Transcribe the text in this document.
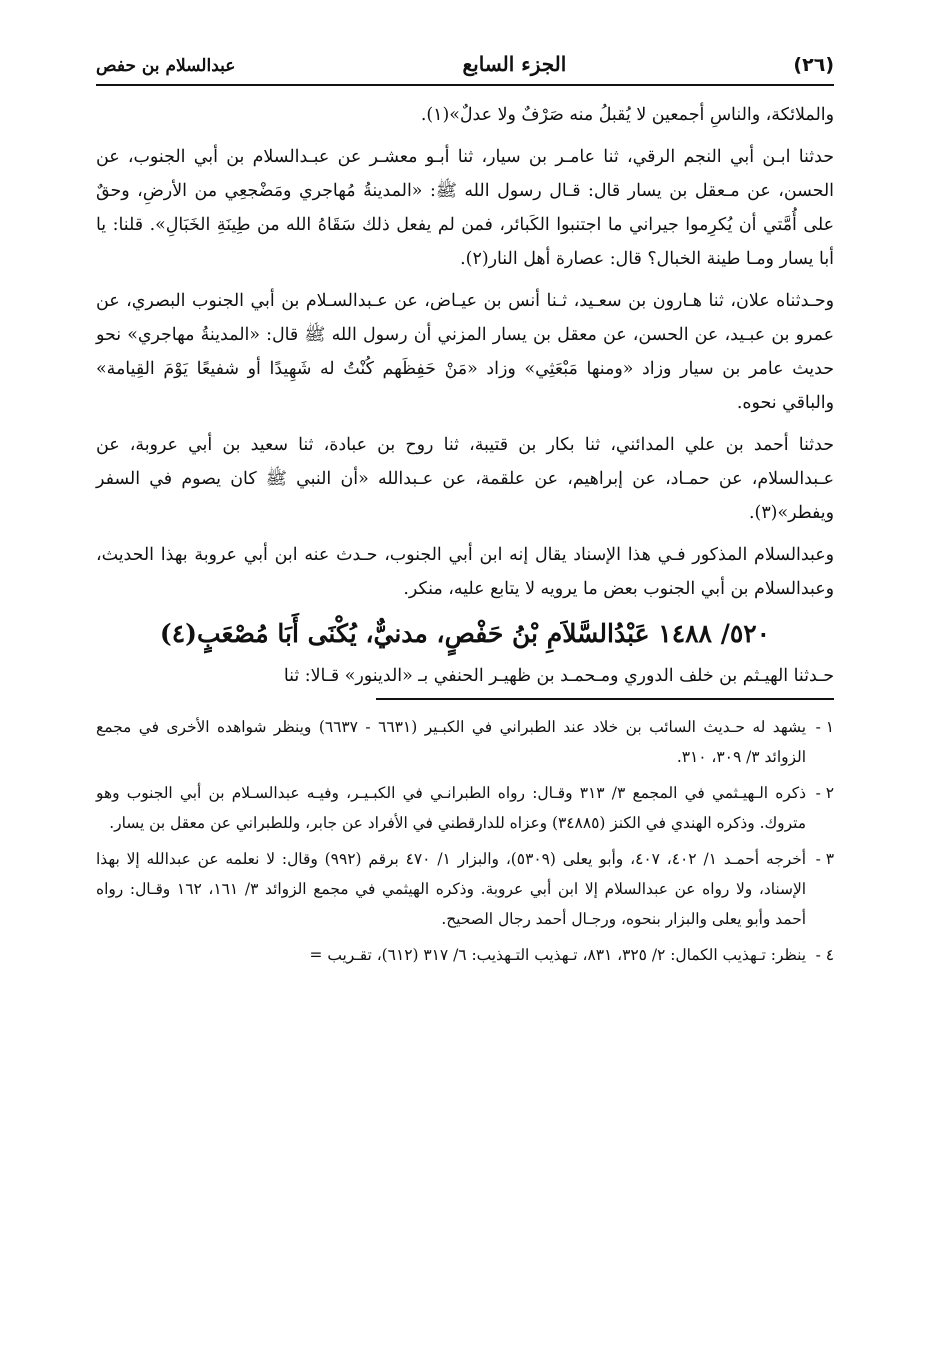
(٢٦)
الجزء السابع
عبدالسلام بن حفص

والملائكة، والناسِ أجمعين لا يُقبلُ منه صَرْفٌ ولا عدلٌ»(١).

حدثنا ابـن أبي النجم الرقي، ثنا عامـر بن سيار، ثنا أبـو معشـر عن عبـدالسلام بن أبي الجنوب، عن الحسن، عن مـعقل بن يسار قال: قـال رسول الله ﷺ: «المدينةُ مُهاجري ومَضْجعِي من الأرضِ، وحقٌ على أُمَّتي أن يُكرِموا جيراني ما اجتنبوا الكَبائر، فمن لم يفعل ذلك سَقَاهُ الله من طِينَةِ الخَبَالِ». قلنا: يا أبا يسار ومـا طينة الخبال؟ قال: عصارة أهل النار(٢).

وحـدثناه علان، ثنا هـارون بن سعـيد، ثـنا أنس بن عيـاض، عن عـبدالسـلام بن أبي الجنوب البصري، عن عمرو بن عبـيد، عن الحسن، عن معقل بن يسار المزني أن رسول الله ﷺ قال: «المدينةُ مهاجري» نحو حديث عامر بن سيار وزاد «ومنها مَبْعَثِي» وزاد «مَنْ حَفِظَهم كُنْتُ له شَهِيدًا أو شفيعًا يَوْمَ القِيامة» والباقي نحوه.

حدثنا أحمد بن علي المدائني، ثنا بكار بن قتيبة، ثنا روح بن عبادة، ثنا سعيد بن أبي عروبة، عن عـبدالسلام، عن حمـاد، عن إبراهيم، عن علقمة، عن عـبدالله «أن النبي ﷺ كان يصوم في السفر ويفطر»(٣).

وعبدالسلام المذكور فـي هذا الإسناد يقال إنه ابن أبي الجنوب، حـدث عنه ابن أبي عروبة بهذا الحديث، وعبدالسلام بن أبي الجنوب بعض ما يرويه لا يتابع عليه، منكر.

٥٢٠/ ١٤٨٨ عَبْدُالسَّلاَمِ بْنُ حَفْصٍ، مدنيٌّ، يُكْنَى أَبَا مُصْعَبٍ(٤)

حـدثنا الهيـثم بن خلف الدوري ومـحمـد بن ظهيـر الحنفي بـ «الدينور» قـالا: ثنا

١ -
يشهد له حـديث السائب بن خلاد عند الطبراني في الكبـير (٦٦٣١ - ٦٦٣٧) وينظر شواهده الأخرى في مجمع الزوائد ٣/ ٣٠٩، ٣١٠.
٢ -
ذكره الـهيـثمي في المجمع ٣/ ٣١٣ وقـال: رواه الطبرانـي في الكبـيـر، وفيـه عبدالسـلام بن أبي الجنوب وهو متروك. وذكره الهندي في الكنز (٣٤٨٨٥) وعزاه للدارقطني في الأفراد عن جابر، وللطبراني عن معقل بن يسار.
٣ -
أخرجه أحمـد ١/ ٤٠٢، ٤٠٧، وأبو يعلى (٥٣٠٩)، والبزار ١/ ٤٧٠ برقم (٩٩٢) وقال: لا نعلمه عن عبدالله إلا بهذا الإسناد، ولا رواه عن عبدالسلام إلا ابن أبي عروبة. وذكره الهيثمي في مجمع الزوائد ٣/ ١٦١، ١٦٢ وقـال: رواه أحمد وأبو يعلى والبزار بنحوه، ورجـال أحمد رجال الصحيح.
٤ -
ينظر: تـهذيب الكمال: ٢/ ٣٢٥، ٨٣١، تـهذيب التـهذيب: ٦/ ٣١٧ (٦١٢)، تقـريب =
